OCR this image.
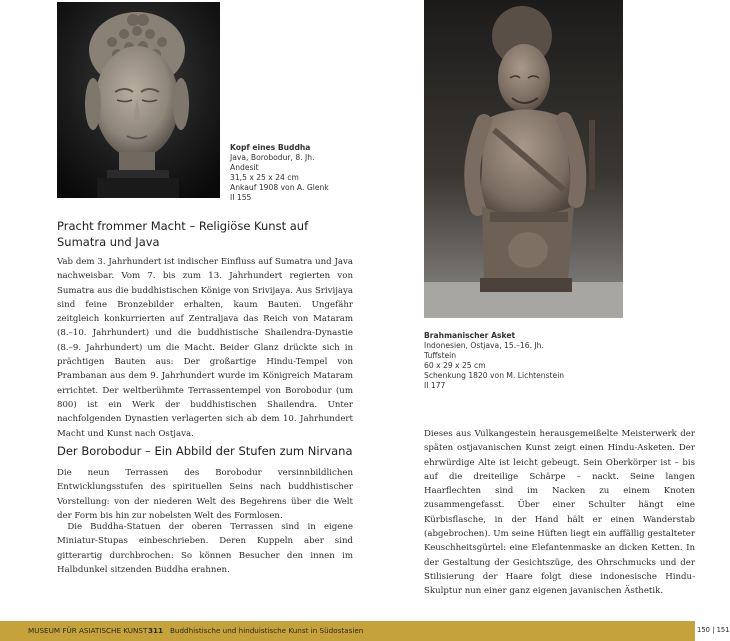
Kopf eines Buddha
Java, Borobodur, 8. Jh.
Andesit
31,5 x 25 x 24 cm
Ankauf 1908 von A. Glenk
II 155
Pracht frommer Macht – Religiöse Kunst auf Sumatra und Java

Vab dem 3. Jahrhundert ist indischer Einfluss auf Sumatra und Java nachweisbar. Vom 7. bis zum 13. Jahrhundert regierten von Sumatra aus die buddhistischen Könige von Srivijaya. Aus Srivijaya sind feine Bronzebilder erhalten, kaum Bauten. Ungefähr zeitgleich konkurrierten auf Zentraljava das Reich von Mataram (8.–10. Jahrhundert) und die buddhistische Shailendra-Dynastie (8.–9. Jahrhundert) um die Macht. Beider Glanz drückte sich in prächtigen Bauten aus: Der großartige Hindu-Tempel von Prambanan aus dem 9. Jahrhundert wurde im Königreich Mataram errichtet. Der weltberühmte Terrassentempel von Borobodur (um 800) ist ein Werk der buddhistischen Shailendra. Unter nachfolgenden Dynastien verlagerten sich ab dem 10. Jahrhundert Macht und Kunst nach Ostjava.

Der Borobodur – Ein Abbild der Stufen zum Nirvana

Die neun Terrassen des Borobodur versinnbildlichen Entwicklungsstufen des spirituellen Seins nach buddhistischer Vorstellung: von der niederen Welt des Begehrens über die Welt der Form bis hin zur nobelsten Welt des Formlosen.

Die Buddha-Statuen der oberen Terrassen sind in eigene Miniatur-Stupas einbeschrieben. Deren Kuppeln aber sind gitterartig durchbrochen: So können Besucher den innen im Halbdunkel sitzenden Buddha erahnen.

Brahmanischer Asket
Indonesien, Ostjava, 15.–16. Jh.
Tuffstein
60 x 29 x 25 cm
Schenkung 1820 von M. Lichtenstein
II 177

Dieses aus Vulkangestein herausgemeißelte Meisterwerk der späten ostjavanischen Kunst zeigt einen Hindu-Asketen. Der ehrwürdige Alte ist leicht gebeugt. Sein Oberkörper ist – bis auf die dreiteilige Schärpe – nackt. Seine langen Haarflechten sind im Nacken zu einem Knoten zusammengefasst. Über einer Schulter hängt eine Kürbisflasche, in der Hand hält er einen Wanderstab (abgebrochen). Um seine Hüften liegt ein auffällig gestalteter Keuschheitsgürtel: eine Elefantenmaske an dicken Ketten. In der Gestaltung der Gesichtszüge, des Ohrschmucks und der Stilisierung der Haare folgt diese indonesische Hindu-Skulptur nun einer ganz eigenen javanischen Ästhetik.

MUSEUM FÜR ASIATISCHE KUNST 311 Buddhistische und hinduistische Kunst in Südostasien	150 | 151
